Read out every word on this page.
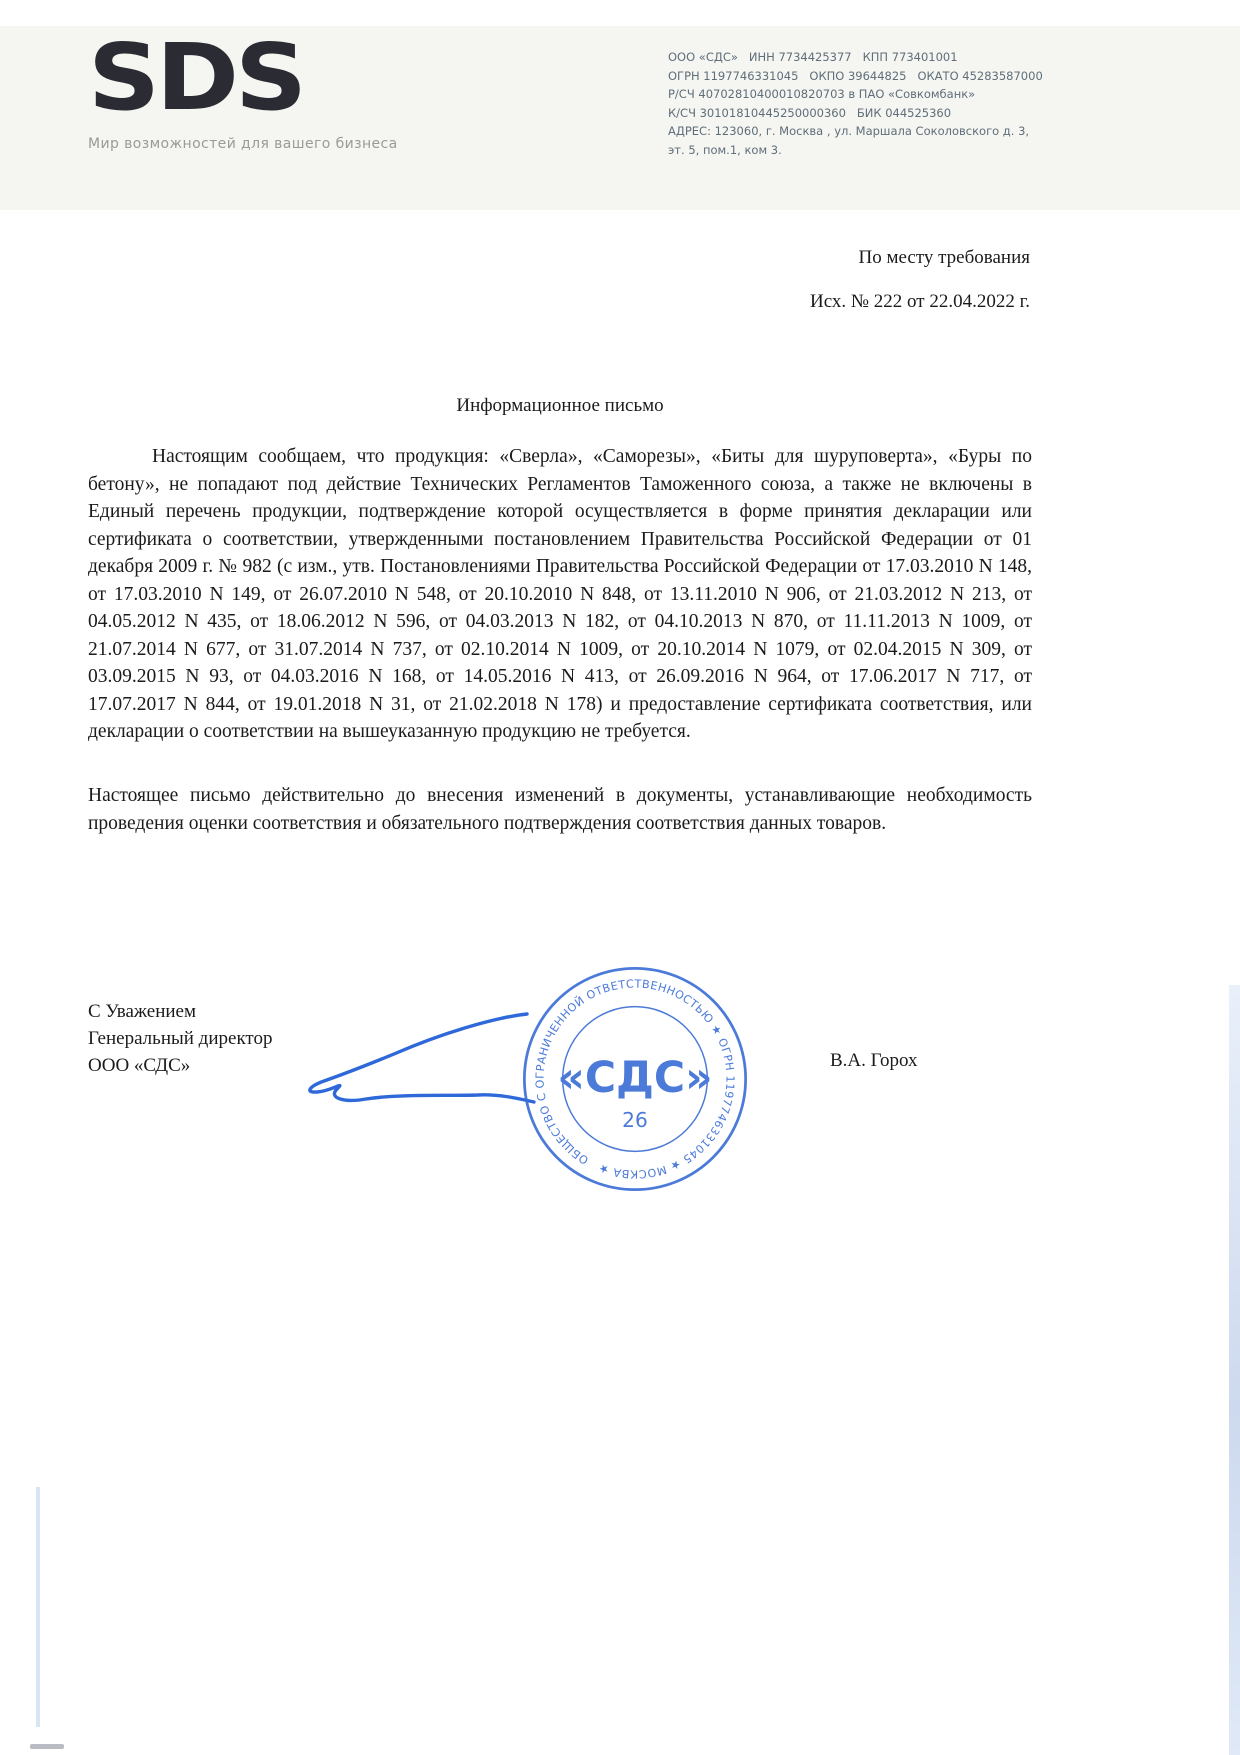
SDS
Мир возможностей для вашего бизнеса
ООО «СДС»   ИНН 7734425377   КПП 773401001
ОГРН 1197746331045   ОКПО 39644825   ОКАТО 45283587000
Р/СЧ 40702810400010820703 в ПАО «Совкомбанк»
К/СЧ 30101810445250000360   БИК 044525360
АДРЕС: 123060, г. Москва , ул. Маршала Соколовского д. 3,
эт. 5, пом.1, ком 3.
По месту требования
Исх. № 222 от 22.04.2022 г.
Информационное письмо
Настоящим сообщаем, что продукция: «Сверла», «Саморезы», «Биты для шуруповерта», «Буры по бетону», не попадают под действие Технических Регламентов Таможенного союза, а также не включены в Единый перечень продукции, подтверждение которой осуществляется в форме принятия декларации или сертификата о соответствии, утвержденными постановлением Правительства Российской Федерации от 01 декабря 2009 г. № 982 (с изм., утв. Постановлениями Правительства Российской Федерации от 17.03.2010 N 148, от 17.03.2010 N 149, от 26.07.2010 N 548, от 20.10.2010 N 848, от 13.11.2010 N 906, от 21.03.2012 N 213, от 04.05.2012 N 435, от 18.06.2012 N 596, от 04.03.2013 N 182, от 04.10.2013 N 870, от 11.11.2013 N 1009, от 21.07.2014 N 677, от 31.07.2014 N 737, от 02.10.2014 N 1009, от 20.10.2014 N 1079, от 02.04.2015 N 309, от 03.09.2015 N 93, от 04.03.2016 N 168, от 14.05.2016 N 413, от 26.09.2016 N 964, от 17.06.2017 N 717, от 17.07.2017 N 844, от 19.01.2018 N 31, от 21.02.2018 N 178) и предоставление сертификата соответствия, или декларации о соответствии на вышеуказанную продукцию не требуется.
Настоящее письмо действительно до внесения изменений в документы, устанавливающие необходимость проведения оценки соответствия и обязательного подтверждения соответствия данных товаров.
С Уважением
Генеральный директор
ООО «СДС»
ОБЩЕСТВО С ОГРАНИЧЕННОЙ ОТВЕТСТВЕННОСТЬЮ ★ ОГРН 1197746331045 ★ МОСКВА ★
«СДС»
26
В.А. Горох
